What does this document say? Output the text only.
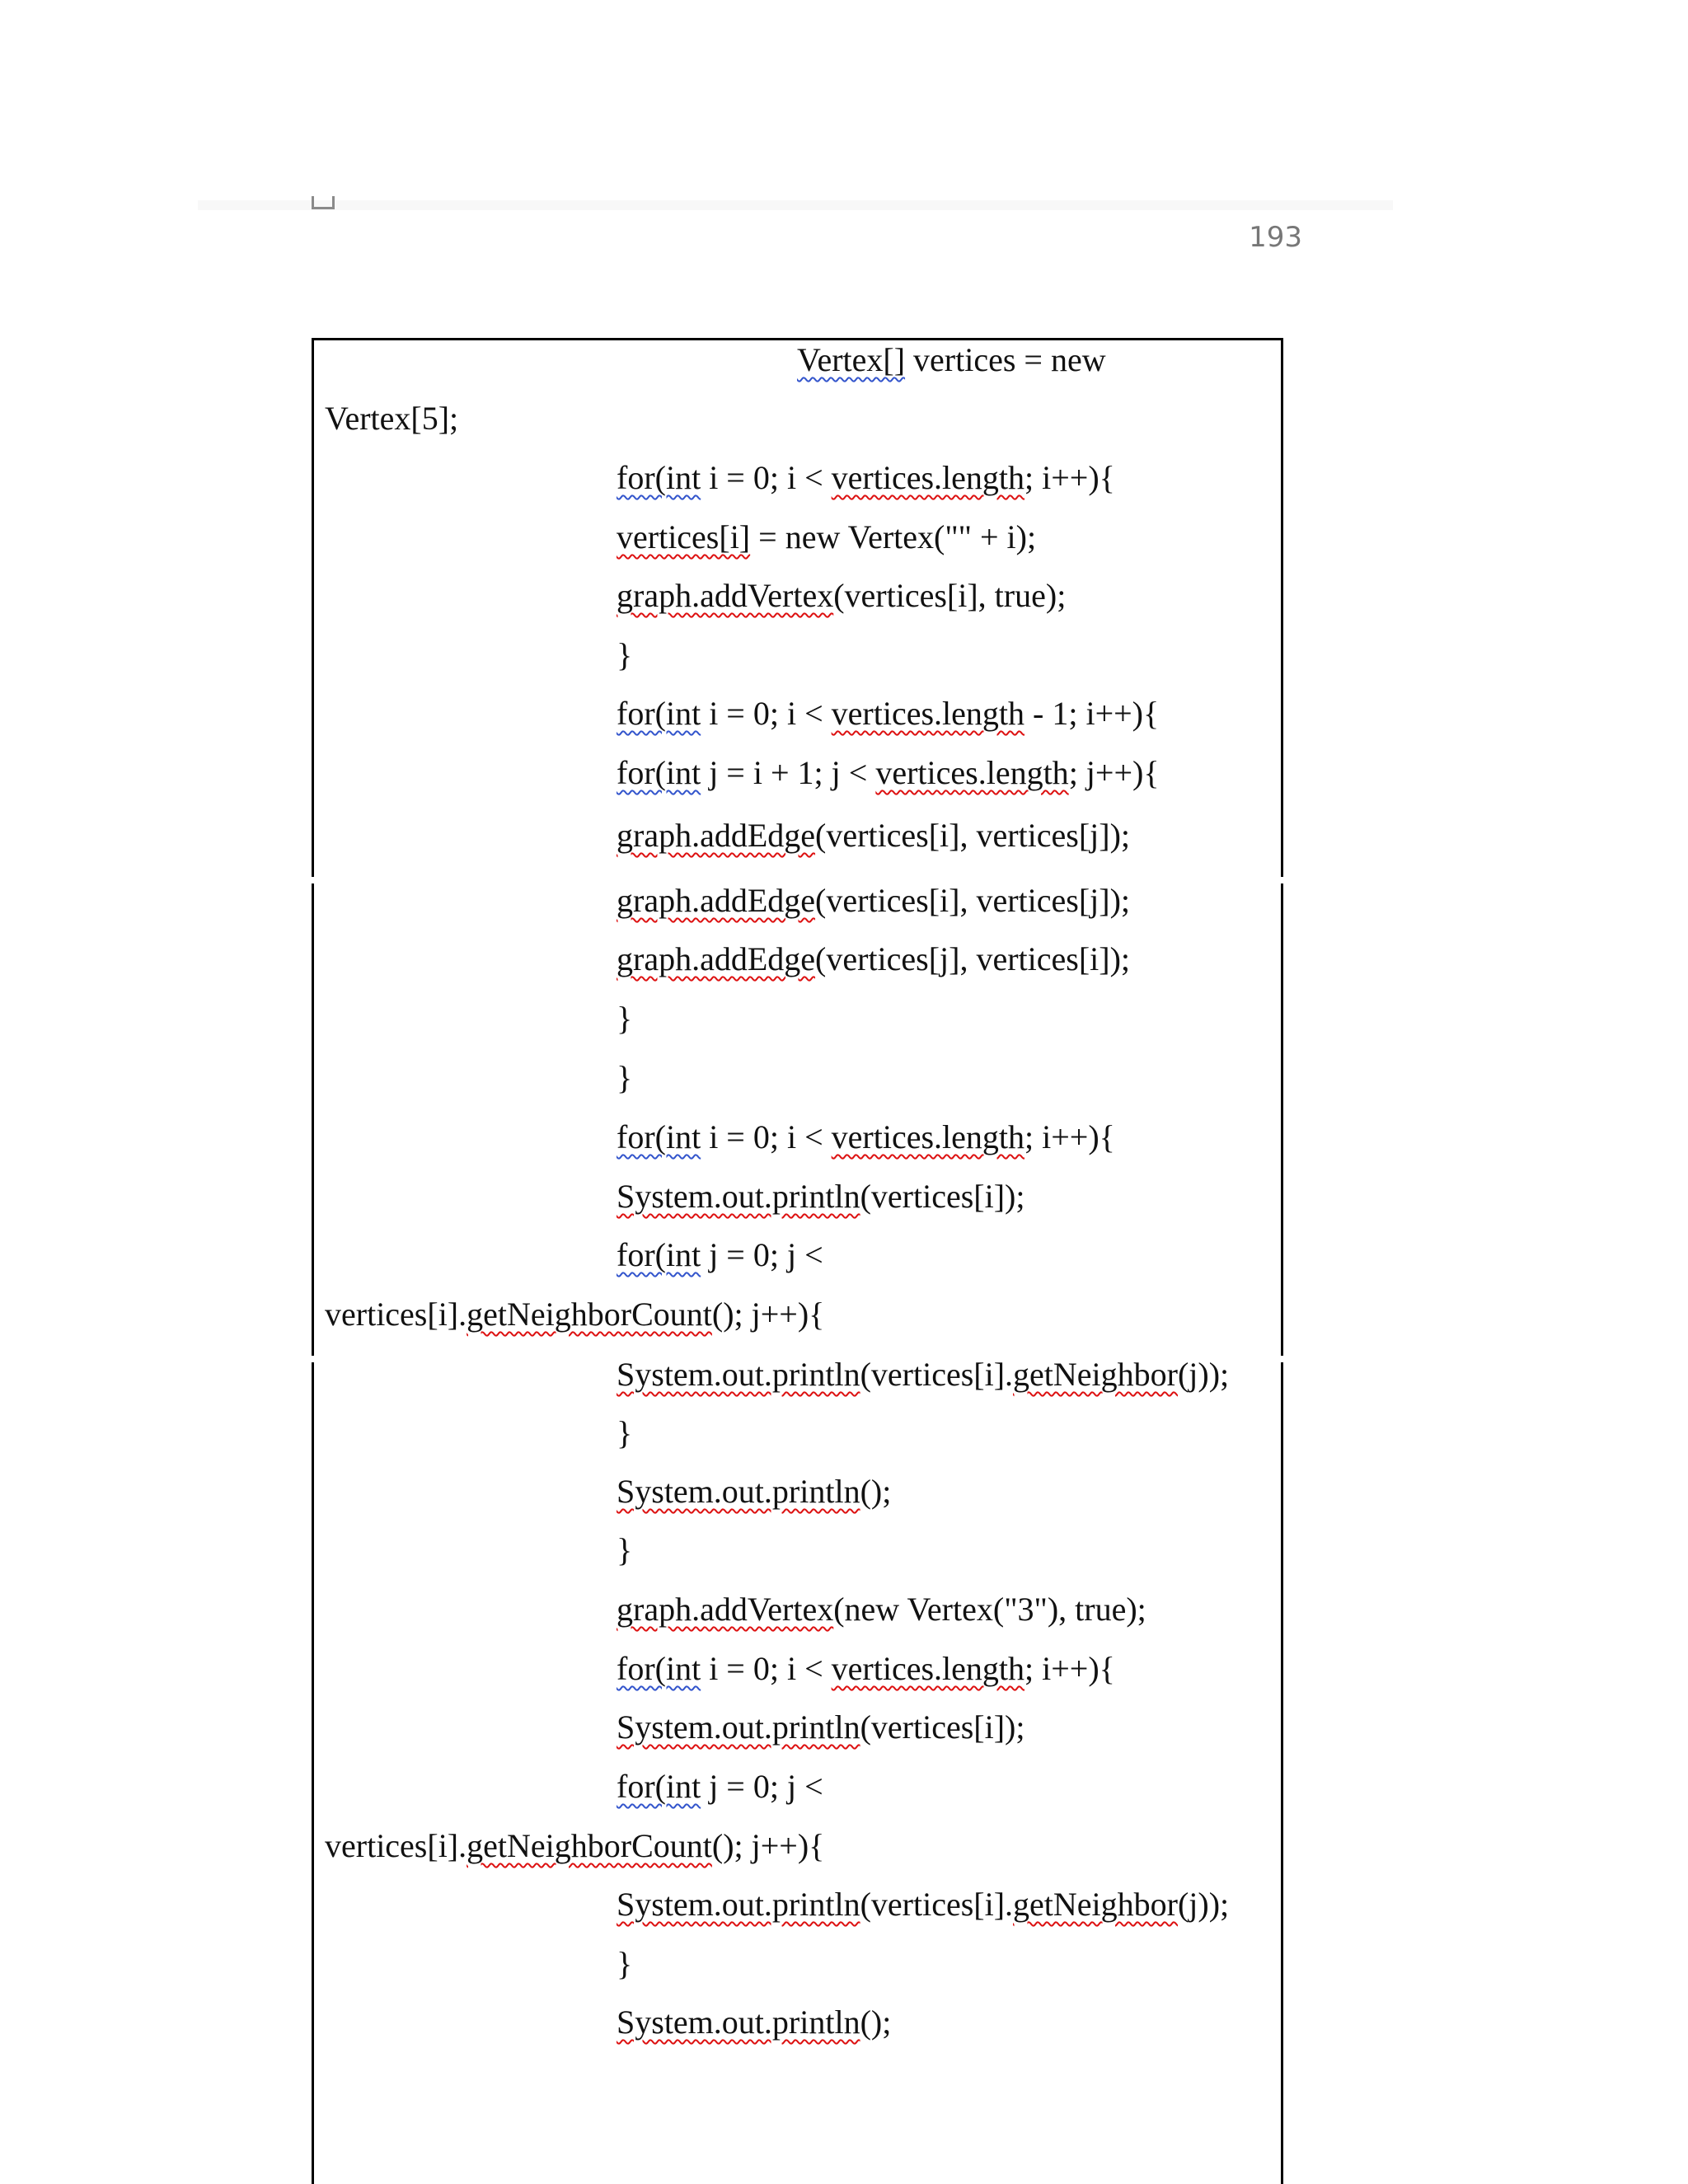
193
Vertex[] vertices = new
Vertex[5];
for(int i = 0; i < vertices.length; i++){
vertices[i] = new Vertex("" + i);
graph.addVertex(vertices[i], true);
}
for(int i = 0; i < vertices.length - 1; i++){
for(int j = i + 1; j < vertices.length; j++){
graph.addEdge(vertices[i], vertices[j]);
graph.addEdge(vertices[i], vertices[j]);
graph.addEdge(vertices[j], vertices[i]);
}
}
for(int i = 0; i < vertices.length; i++){
System.out.println(vertices[i]);
for(int j = 0; j <
vertices[i].getNeighborCount(); j++){
System.out.println(vertices[i].getNeighbor(j));
}
System.out.println();
}
graph.addVertex(new Vertex("3"), true);
for(int i = 0; i < vertices.length; i++){
System.out.println(vertices[i]);
for(int j = 0; j <
vertices[i].getNeighborCount(); j++){
System.out.println(vertices[i].getNeighbor(j));
}
System.out.println();
